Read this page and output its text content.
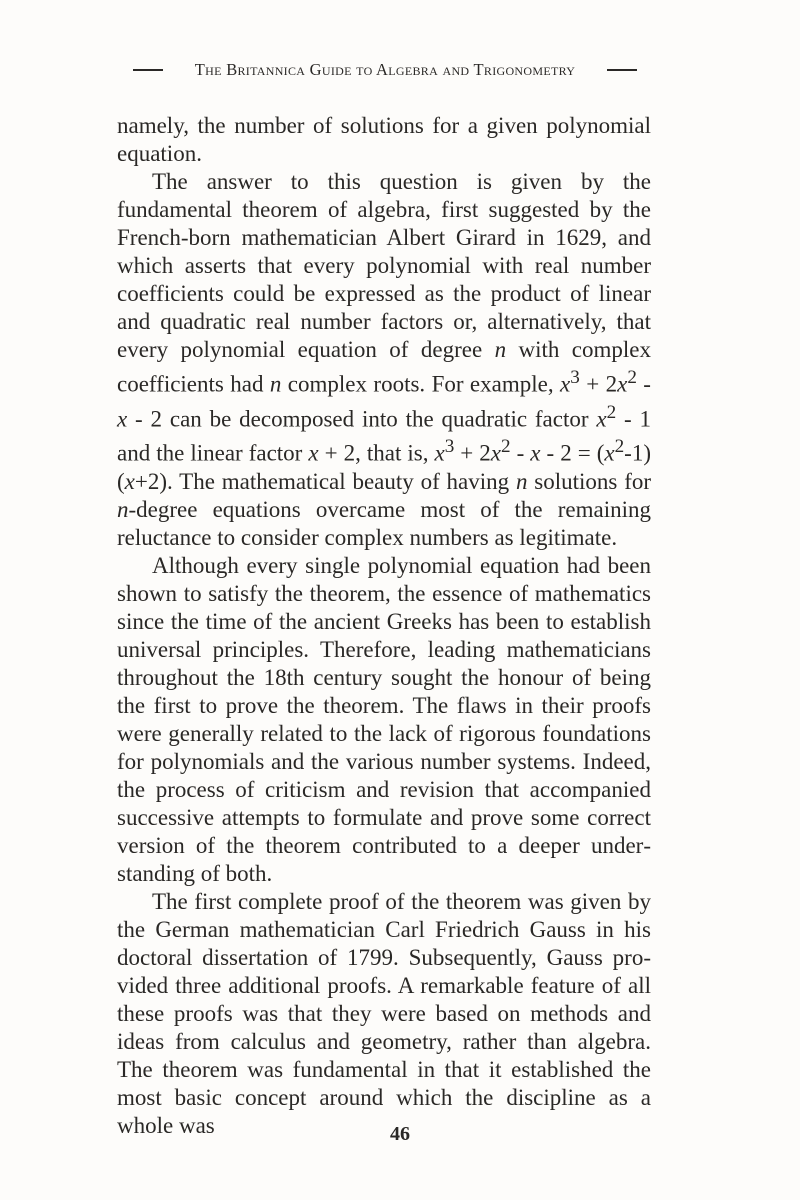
The Britannica Guide to Algebra and Trigonometry

namely, the number of solutions for a given polynomial equation.

The answer to this question is given by the fundamental theorem of algebra, first suggested by the French-born mathematician Albert Girard in 1629, and which asserts that every polynomial with real number coefficients could be expressed as the product of linear and quadratic real number factors or, alternatively, that every polynomial equation of degree n with complex coefficients had n complex roots. For example, $x^3 + 2x^2 - x - 2$ can be decomposed into the quadratic factor $x^2 - 1$ and the linear factor x + 2, that is, $x^3 + 2x^2 - x - 2 = (x^2-1)(x+2)$. The mathematical beauty of having n solutions for n-degree equations overcame most of the remaining reluctance to consider complex numbers as legitimate.

Although every single polynomial equation had been shown to satisfy the theorem, the essence of mathematics since the time of the ancient Greeks has been to establish universal principles. Therefore, leading mathematicians throughout the 18th century sought the honour of being the first to prove the theorem. The flaws in their proofs were generally related to the lack of rigorous foundations for polynomials and the various number systems. Indeed, the process of criticism and revision that accompanied successive attempts to formulate and prove some correct version of the theorem contributed to a deeper understanding of both.

The first complete proof of the theorem was given by the German mathematician Carl Friedrich Gauss in his doctoral dissertation of 1799. Subsequently, Gauss provided three additional proofs. A remarkable feature of all these proofs was that they were based on methods and ideas from calculus and geometry, rather than algebra. The theorem was fundamental in that it established the most basic concept around which the discipline as a whole was	46
